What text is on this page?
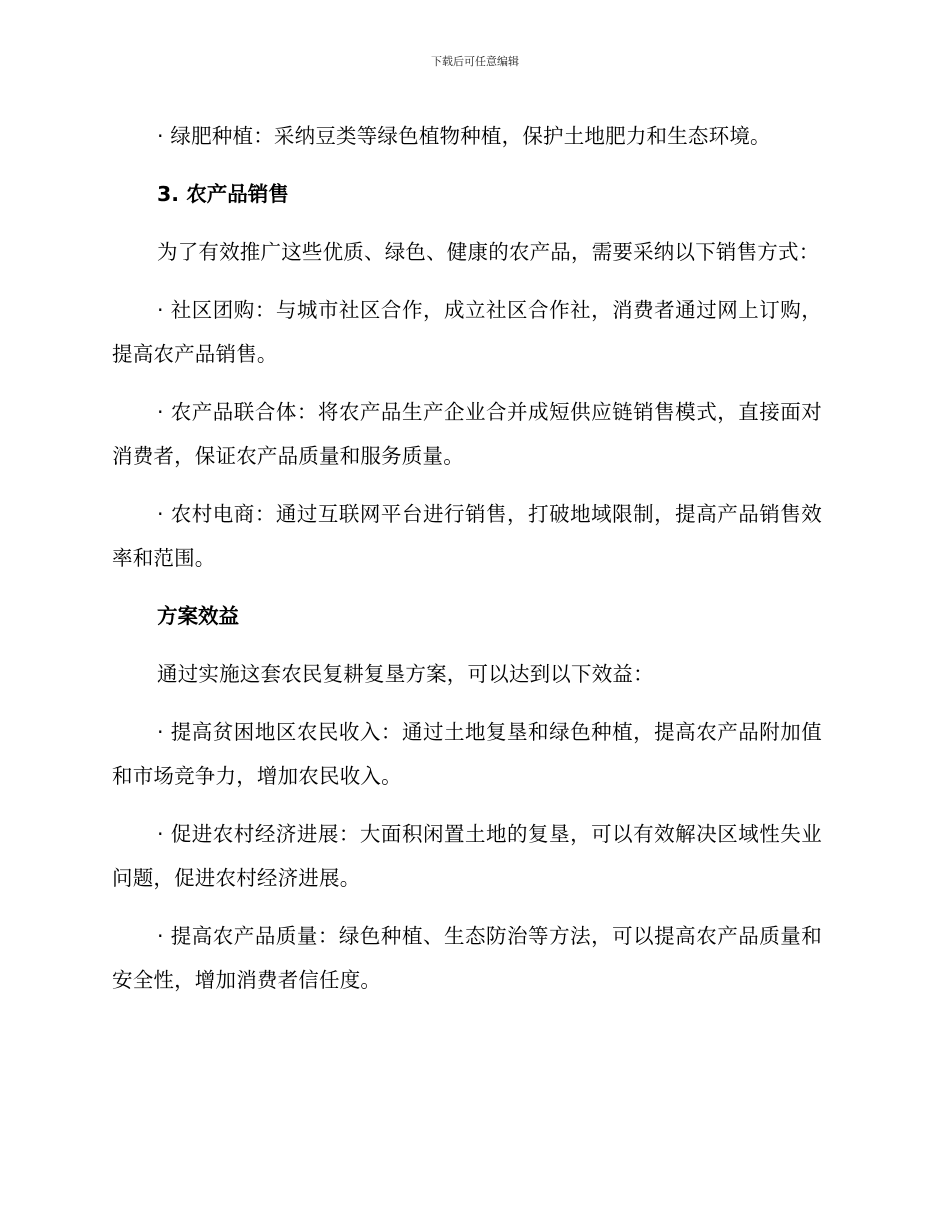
下载后可任意编辑

· 绿肥种植：采纳豆类等绿色植物种植，保护土地肥力和生态环境。

3. 农产品销售

为了有效推广这些优质、绿色、健康的农产品，需要采纳以下销售方式：

· 社区团购：与城市社区合作，成立社区合作社，消费者通过网上订购，提高农产品销售。

· 农产品联合体：将农产品生产企业合并成短供应链销售模式，直接面对消费者，保证农产品质量和服务质量。

· 农村电商：通过互联网平台进行销售，打破地域限制，提高产品销售效率和范围。

方案效益

通过实施这套农民复耕复垦方案，可以达到以下效益：

· 提高贫困地区农民收入：通过土地复垦和绿色种植，提高农产品附加值和市场竞争力，增加农民收入。

· 促进农村经济进展：大面积闲置土地的复垦，可以有效解决区域性失业问题，促进农村经济进展。

· 提高农产品质量：绿色种植、生态防治等方法，可以提高农产品质量和安全性，增加消费者信任度。
